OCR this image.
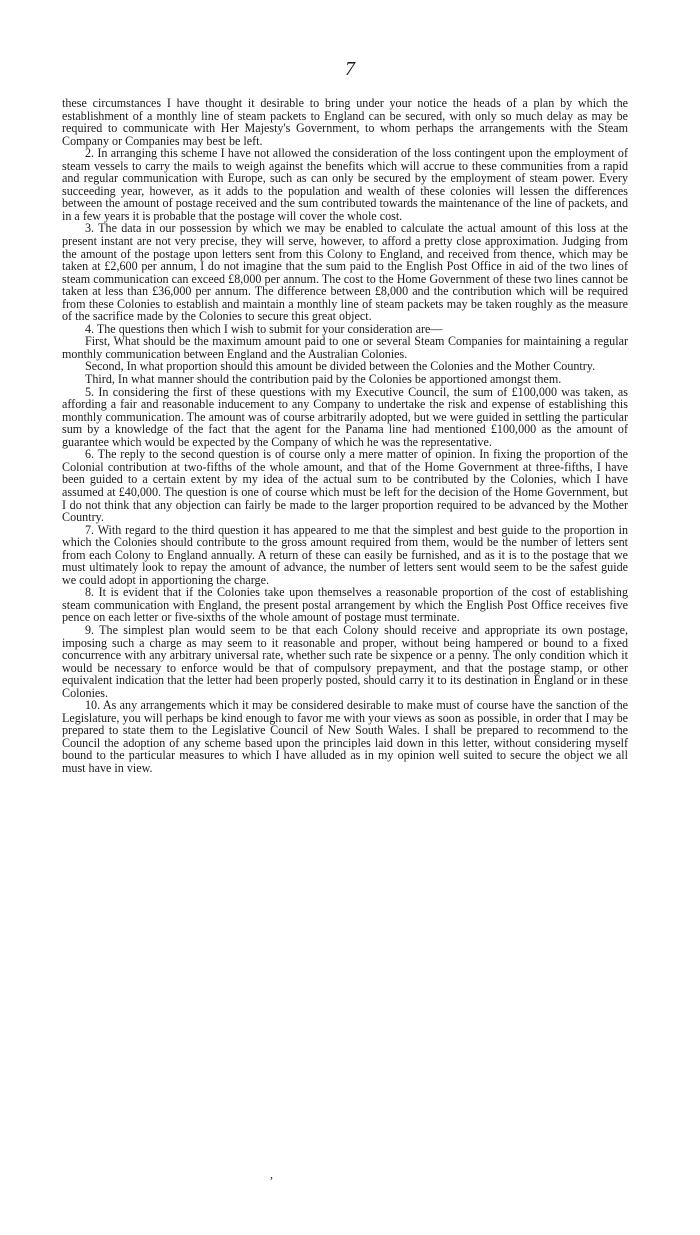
7

these circumstances I have thought it desirable to bring under your notice the heads of a plan by which the establishment of a monthly line of steam packets to England can be secured, with only so much delay as may be required to communicate with Her Majesty's Government, to whom perhaps the arrangements with the Steam Company or Companies may best be left.

2. In arranging this scheme I have not allowed the consideration of the loss contingent upon the employment of steam vessels to carry the mails to weigh against the benefits which will accrue to these communities from a rapid and regular communication with Europe, such as can only be secured by the employment of steam power. Every succeeding year, however, as it adds to the population and wealth of these colonies will lessen the differences between the amount of postage received and the sum contributed towards the maintenance of the line of packets, and in a few years it is probable that the postage will cover the whole cost.

3. The data in our possession by which we may be enabled to calculate the actual amount of this loss at the present instant are not very precise, they will serve, however, to afford a pretty close approximation. Judging from the amount of the postage upon letters sent from this Colony to England, and received from thence, which may be taken at £2,600 per annum, I do not imagine that the sum paid to the English Post Office in aid of the two lines of steam communication can exceed £8,000 per annum. The cost to the Home Government of these two lines cannot be taken at less than £36,000 per annum. The difference between £8,000 and the contribution which will be required from these Colonies to establish and maintain a monthly line of steam packets may be taken roughly as the measure of the sacrifice made by the Colonies to secure this great object.

4. The questions then which I wish to submit for your consideration are—

First, What should be the maximum amount paid to one or several Steam Companies for maintaining a regular monthly communication between England and the Australian Colonies.

Second, In what proportion should this amount be divided between the Colonies and the Mother Country.

Third, In what manner should the contribution paid by the Colonies be apportioned amongst them.

5. In considering the first of these questions with my Executive Council, the sum of £100,000 was taken, as affording a fair and reasonable inducement to any Company to undertake the risk and expense of establishing this monthly communication. The amount was of course arbitrarily adopted, but we were guided in settling the particular sum by a knowledge of the fact that the agent for the Panama line had mentioned £100,000 as the amount of guarantee which would be expected by the Company of which he was the representative.

6. The reply to the second question is of course only a mere matter of opinion. In fixing the proportion of the Colonial contribution at two-fifths of the whole amount, and that of the Home Government at three-fifths, I have been guided to a certain extent by my idea of the actual sum to be contributed by the Colonies, which I have assumed at £40,000. The question is one of course which must be left for the decision of the Home Government, but I do not think that any objection can fairly be made to the larger proportion required to be advanced by the Mother Country.

7. With regard to the third question it has appeared to me that the simplest and best guide to the proportion in which the Colonies should contribute to the gross amount required from them, would be the number of letters sent from each Colony to England annually. A return of these can easily be furnished, and as it is to the postage that we must ultimately look to repay the amount of advance, the number of letters sent would seem to be the safest guide we could adopt in apportioning the charge.

8. It is evident that if the Colonies take upon themselves a reasonable proportion of the cost of establishing steam communication with England, the present postal arrangement by which the English Post Office receives five pence on each letter or five-sixths of the whole amount of postage must terminate.

9. The simplest plan would seem to be that each Colony should receive and appropriate its own postage, imposing such a charge as may seem to it reasonable and proper, without being hampered or bound to a fixed concurrence with any arbitrary universal rate, whether such rate be sixpence or a penny. The only condition which it would be necessary to enforce would be that of compulsory prepayment, and that the postage stamp, or other equivalent indication that the letter had been properly posted, should carry it to its destination in England or in these Colonies.

10. As any arrangements which it may be considered desirable to make must of course have the sanction of the Legislature, you will perhaps be kind enough to favor me with your views as soon as possible, in order that I may be prepared to state them to the Legislative Council of New South Wales. I shall be prepared to recommend to the Council the adoption of any scheme based upon the principles laid down in this letter, without considering myself bound to the particular measures to which I have alluded as in my opinion well suited to secure the object we all must have in view.

,
